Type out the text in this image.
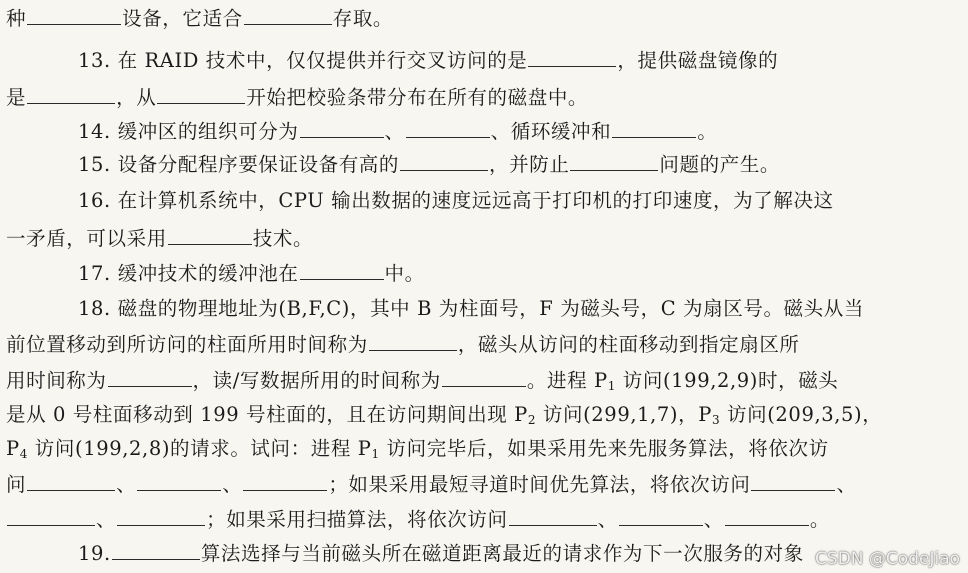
种	设备，它适合	存取。
13. 在 RAID 技术中，仅仅提供并行交叉访问的是	，提供磁盘镜像的
是	，从	开始把校验条带分布在所有的磁盘中。
14. 缓冲区的组织可分为	、	、循环缓冲和	。
15. 设备分配程序要保证设备有高的	，并防止	问题的产生。
16. 在计算机系统中，CPU 输出数据的速度远远高于打印机的打印速度，为了解决这
一矛盾，可以采用	技术。
17. 缓冲技术的缓冲池在	中。
18. 磁盘的物理地址为(B,F,C)，其中 B 为柱面号，F 为磁头号，C 为扇区号。磁头从当
前位置移动到所访问的柱面所用时间称为	，磁头从访问的柱面移动到指定扇区所
用时间称为	，读/写数据所用的时间称为	。进程 $P_1$ 访问(199,2,9)时，磁头
是从 0 号柱面移动到 199 号柱面的，且在访问期间出现 $P_2$ 访问(299,1,7)，$P_3$ 访问(209,3,5)，
$P_4$ 访问(199,2,8)的请求。试问：进程 $P_1$ 访问完毕后，如果采用先来先服务算法，将依次访
问	、	、	；如果采用最短寻道时间优先算法，将依次访问	、
、	；如果采用扫描算法，将依次访问	、	、	。
19.	算法选择与当前磁头所在磁道距离最近的请求作为下一次服务的对象 CSDN @CodeJiao
